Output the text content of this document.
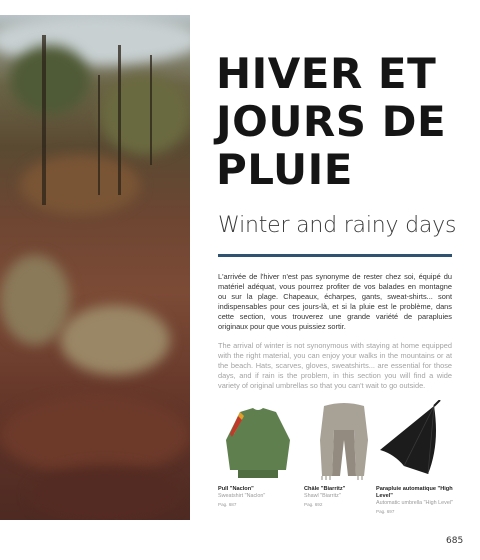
HIVER ET JOURS DE PLUIE
Winter and rainy days

L'arrivée de l'hiver n'est pas synonyme de rester chez soi, équipé du matériel adéquat, vous pourrez profiter de vos balades en montagne ou sur la plage. Chapeaux, écharpes, gants, sweat-shirts... sont indispensables pour ces jours-là, et si la pluie est le problème, dans cette section, vous trouverez une grande variété de parapluies originaux pour que vous puissiez sortir.

The arrival of winter is not synonymous with staying at home equipped with the right material, you can enjoy your walks in the mountains or at the beach. Hats, scarves, gloves, sweatshirts... are essential for those days, and if rain is the problem, in this section you will find a wide variety of original umbrellas so that you can't wait to go outside.

Pull "Naclon"
Sweatshirt "Naclon"
Pag. 687
Châle "Biarritz"
Shawl "Biarritz"
Pag. 692
Parapluie automatique "High Level"
Automatic umbrella "High Level"
Pag. 697
685
